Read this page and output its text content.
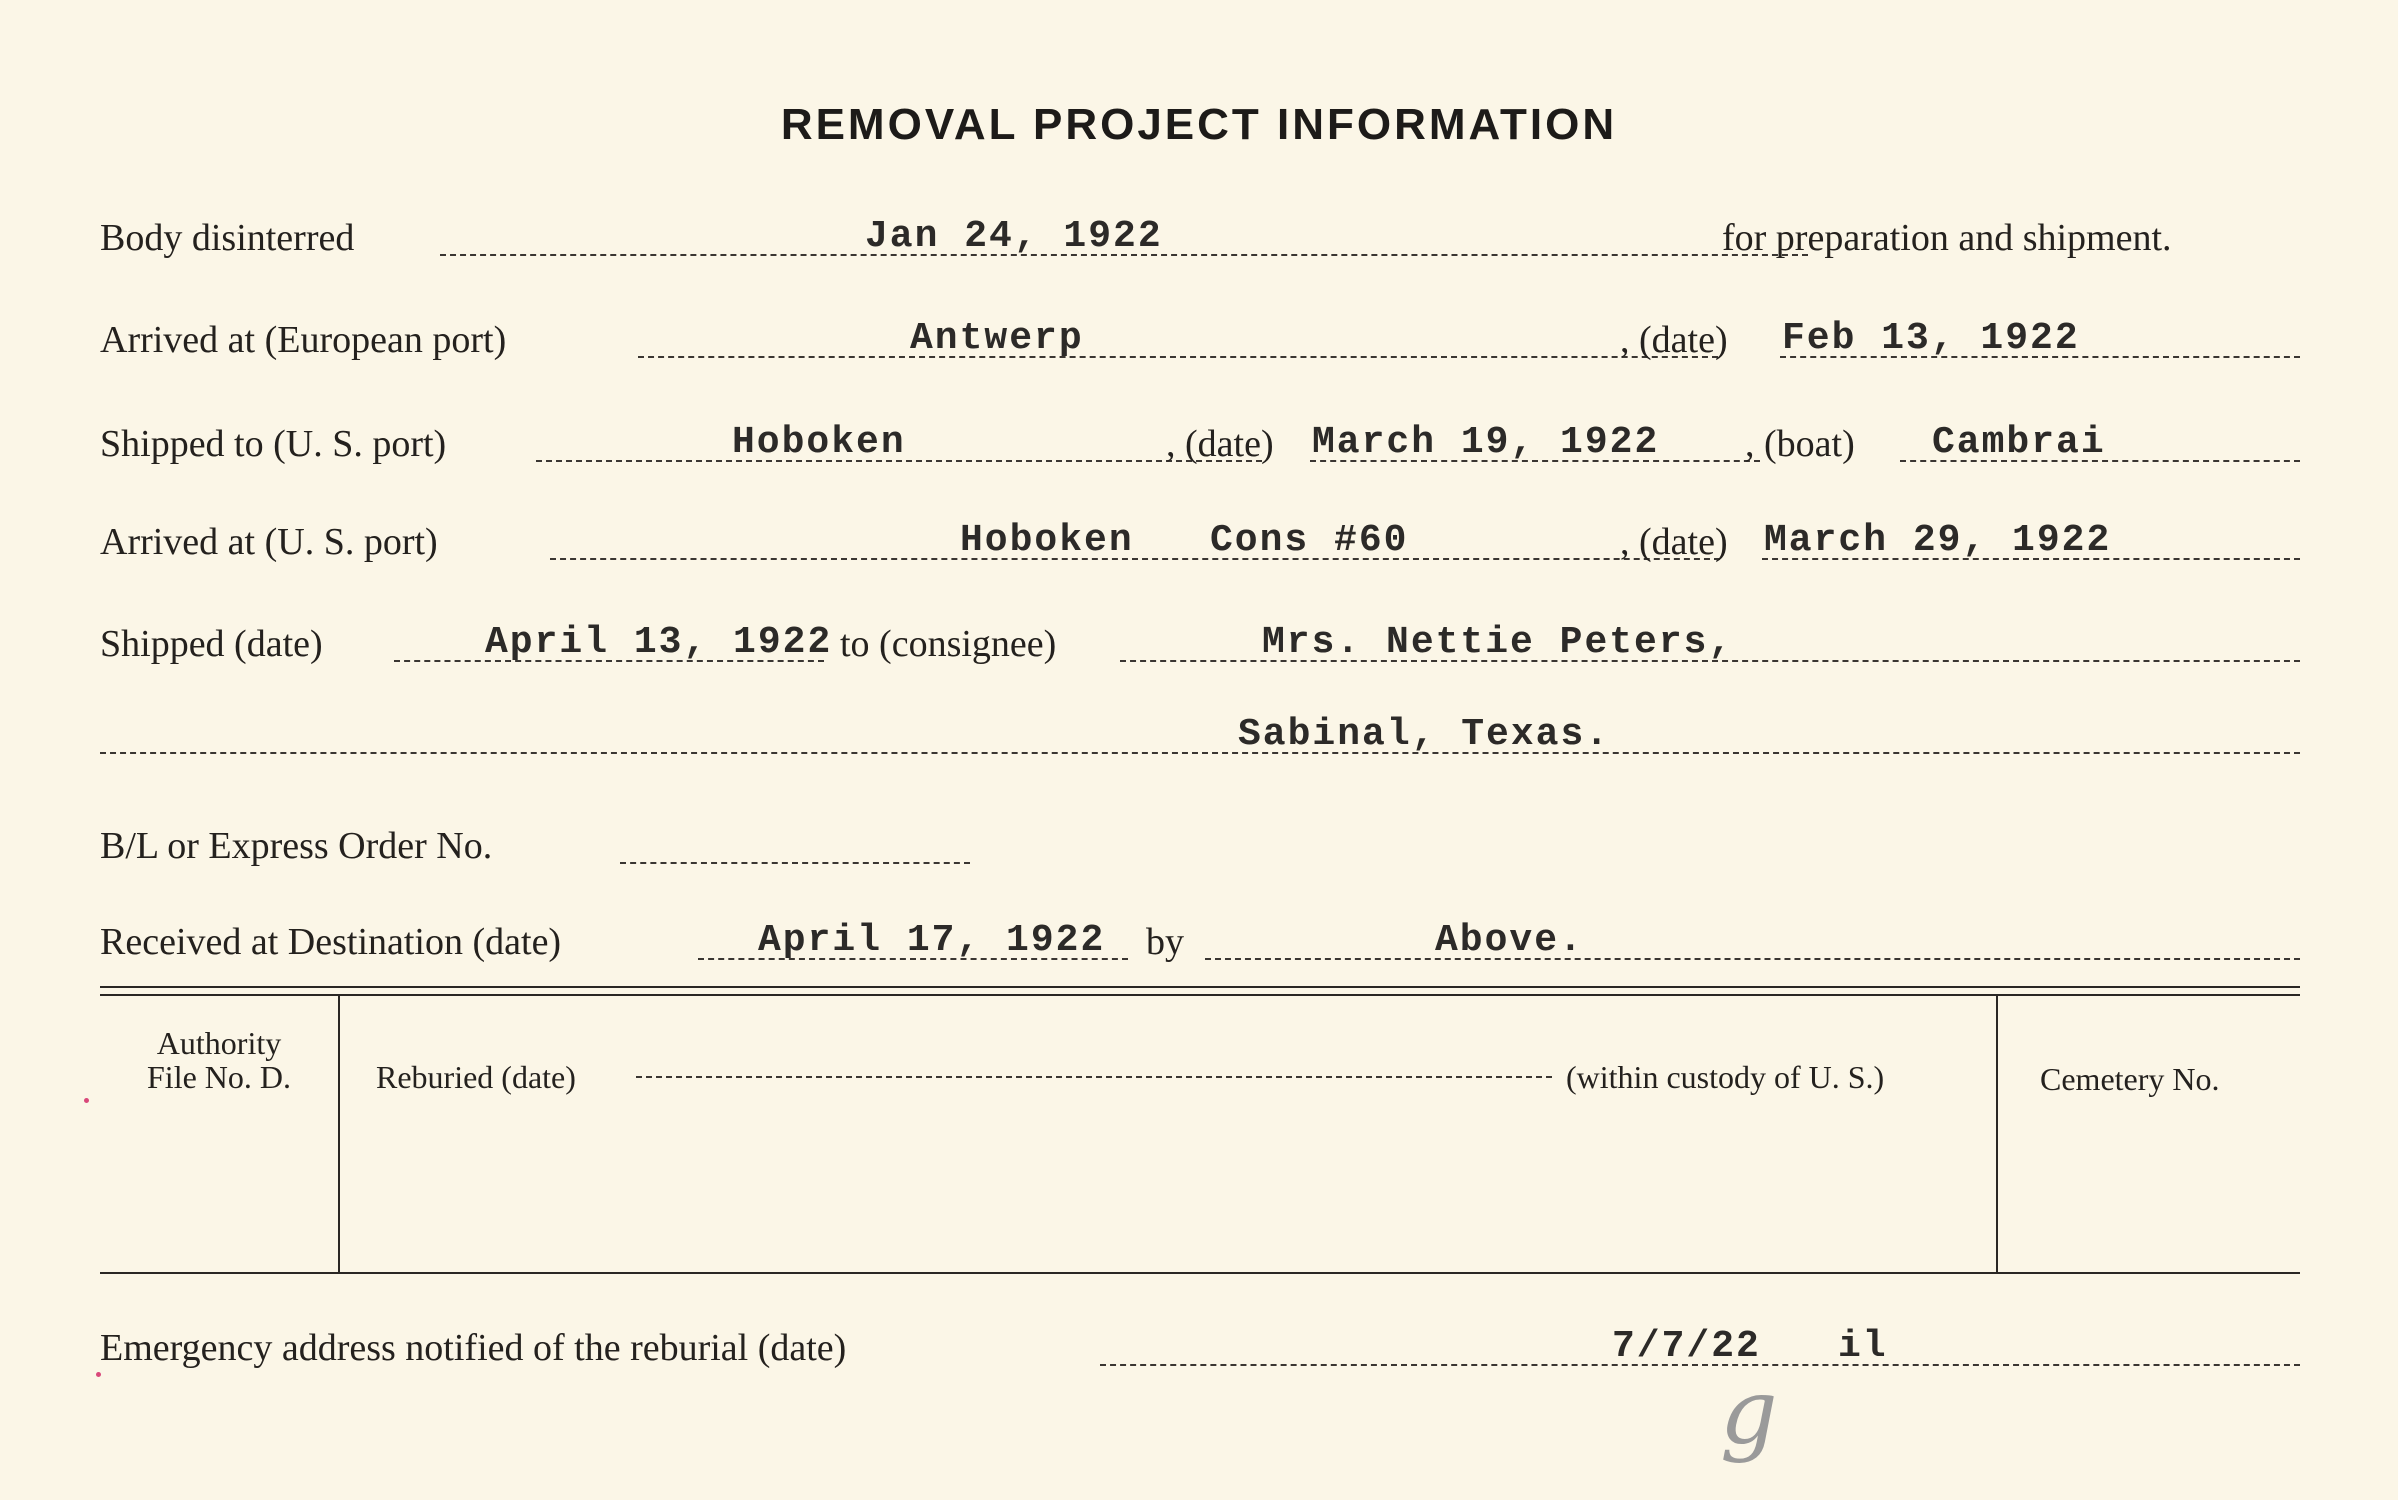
REMOVAL PROJECT INFORMATION
Body disinterred	Jan 24, 1922	for preparation and shipment.
Arrived at (European port)	Antwerp	, (date) Feb 13, 1922
Shipped to (U. S. port)	Hoboken	, (date) March 19, 1922 , (boat) Cambrai
Arrived at (U. S. port)	Hoboken Cons #60	, (date) March 29, 1922
Shipped (date)	April 13, 1922 to (consignee)	Mrs. Nettie Peters,
Sabinal, Texas.
B/L or Express Order No.
Received at Destination (date)	April 17, 1922 by	Above.
Authority
File No. D.	Reburied (date)	(within custody of U. S.)	Cemetery No.
Emergency address notified of the reburial (date)	7/7/22 il
g
